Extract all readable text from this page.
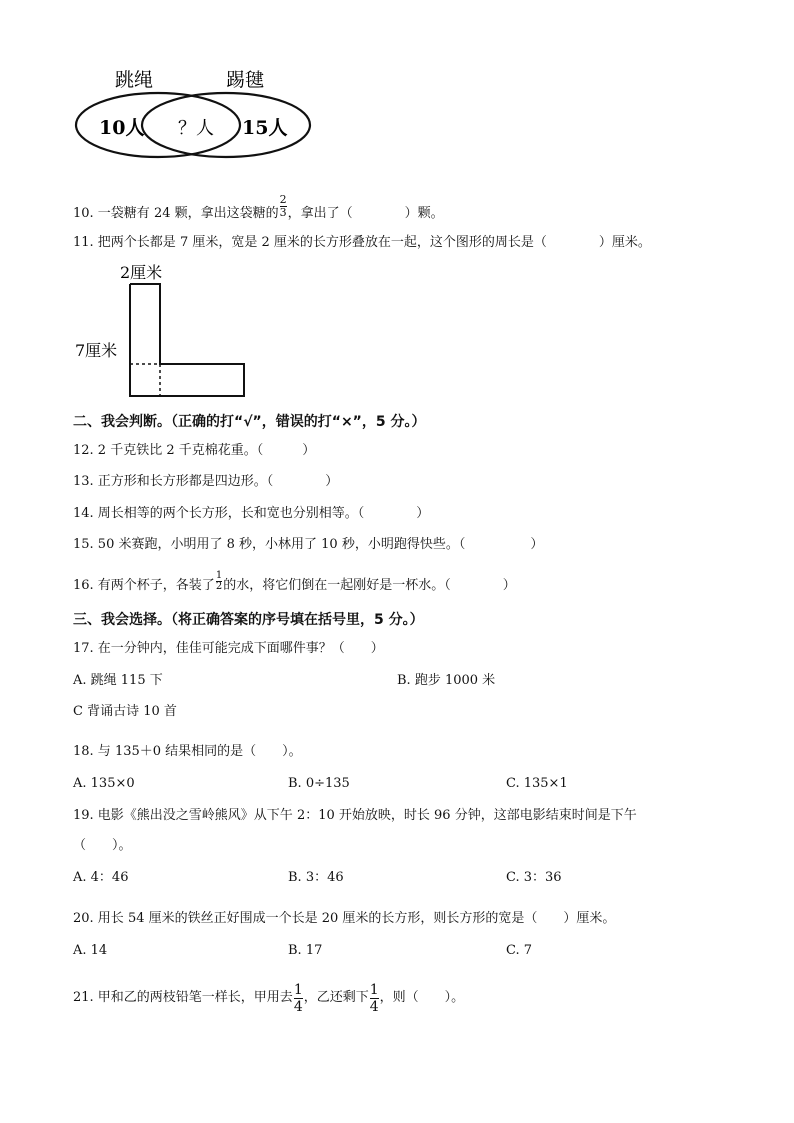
跳绳	踢毽
10人 ？人 15人
10. 一袋糖有 24 颗，拿出这袋糖的 $\frac{2}{3}$ ，拿出了（　　　　）颗。
11. 把两个长都是 7 厘米，宽是 2 厘米的长方形叠放在一起，这个图形的周长是（　　　　）厘米。
2厘米
7厘米
二、我会判断。（正确的打“√”，错误的打“×”，5 分。）
12. 2 千克铁比 2 千克棉花重。（　　　）
13. 正方形和长方形都是四边形。（　　　　）
14. 周长相等的两个长方形，长和宽也分别相等。（　　　　）
15. 50 米赛跑，小明用了 8 秒，小林用了 10 秒，小明跑得快些。（　　　　　）
16. 有两个杯子，各装了 $\frac{1}{2}$ 的水，将它们倒在一起刚好是一杯水。（　　　　）
三、我会选择。（将正确答案的序号填在括号里，5 分。）
17. 在一分钟内，佳佳可能完成下面哪件事？（　　）
A. 跳绳 115 下	B. 跑步 1000 米
C 背诵古诗 10 首
18. 与 135＋0 结果相同的是（　　）。
A. 135×0	B. 0÷135	C. 135×1
19. 电影《熊出没之雪岭熊风》从下午 2：10 开始放映，时长 96 分钟，这部电影结束时间是下午
（　　）。
A. 4：46	B. 3：46	C. 3：36
20. 用长 54 厘米的铁丝正好围成一个长是 20 厘米的长方形，则长方形的宽是（　　）厘米。
A. 14	B. 17	C. 7
21. 甲和乙的两枝铅笔一样长，甲用去 $\frac{1}{4}$ ，乙还剩下 $\frac{1}{4}$ ，则（　　）。
